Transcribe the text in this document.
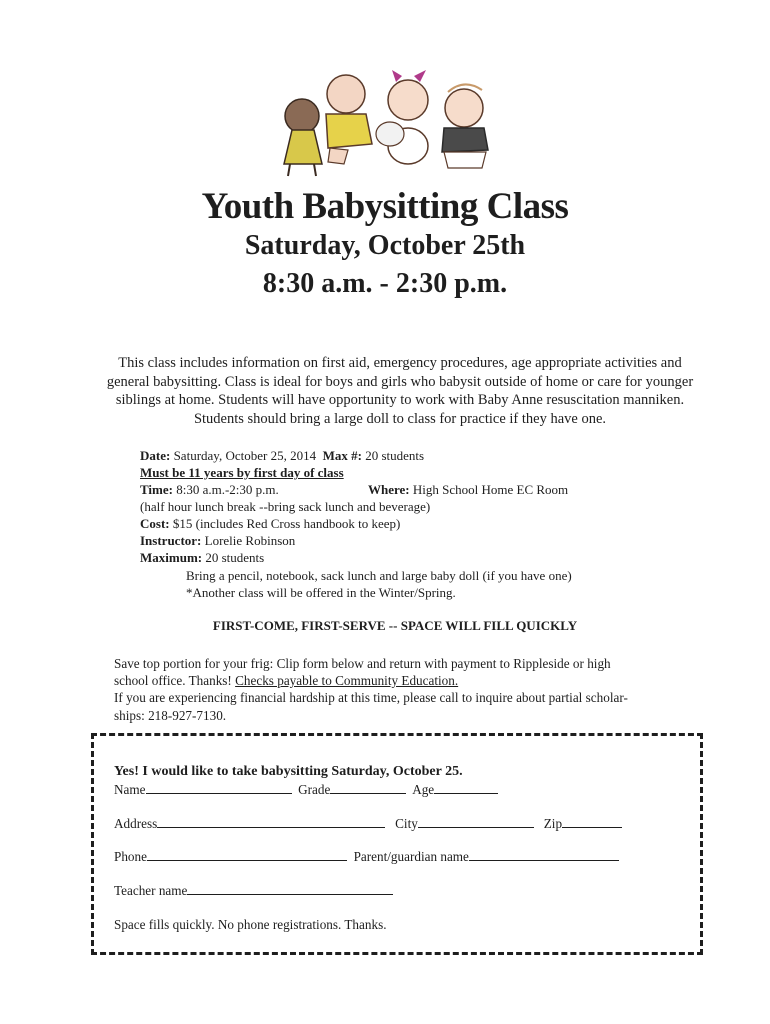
Youth Babysitting Class
Saturday, October 25th
8:30 a.m. - 2:30 p.m.
This class includes information on first aid, emergency procedures, age appropriate activities and
general babysitting. Class is ideal for boys and girls who babysit outside of home or care for younger
siblings at home. Students will have opportunity to work with Baby Anne resuscitation manniken.
Students should bring a large doll to class for practice if they have one.
Date: Saturday, October 25, 2014 Max #: 20 students
Must be 11 years by first day of class
Time: 8:30 a.m.-2:30 p.m.	Where: High School Home EC Room
(half hour lunch break --bring sack lunch and beverage)
Cost: $15 (includes Red Cross handbook to keep)
Instructor: Lorelie Robinson
Maximum: 20 students
Bring a pencil, notebook, sack lunch and large baby doll (if you have one)
*Another class will be offered in the Winter/Spring.
FIRST-COME, FIRST-SERVE -- SPACE WILL FILL QUICKLY
Save top portion for your frig: Clip form below and return with payment to Rippleside or high
school office. Thanks! Checks payable to Community Education.
If you are experiencing financial hardship at this time, please call to inquire about partial scholar-
ships: 218-927-7130.
Yes! I would like to take babysitting Saturday, October 25.
Name	Grade	Age
Address	City	Zip
Phone	Parent/guardian name
Teacher name
Space fills quickly. No phone registrations. Thanks.
